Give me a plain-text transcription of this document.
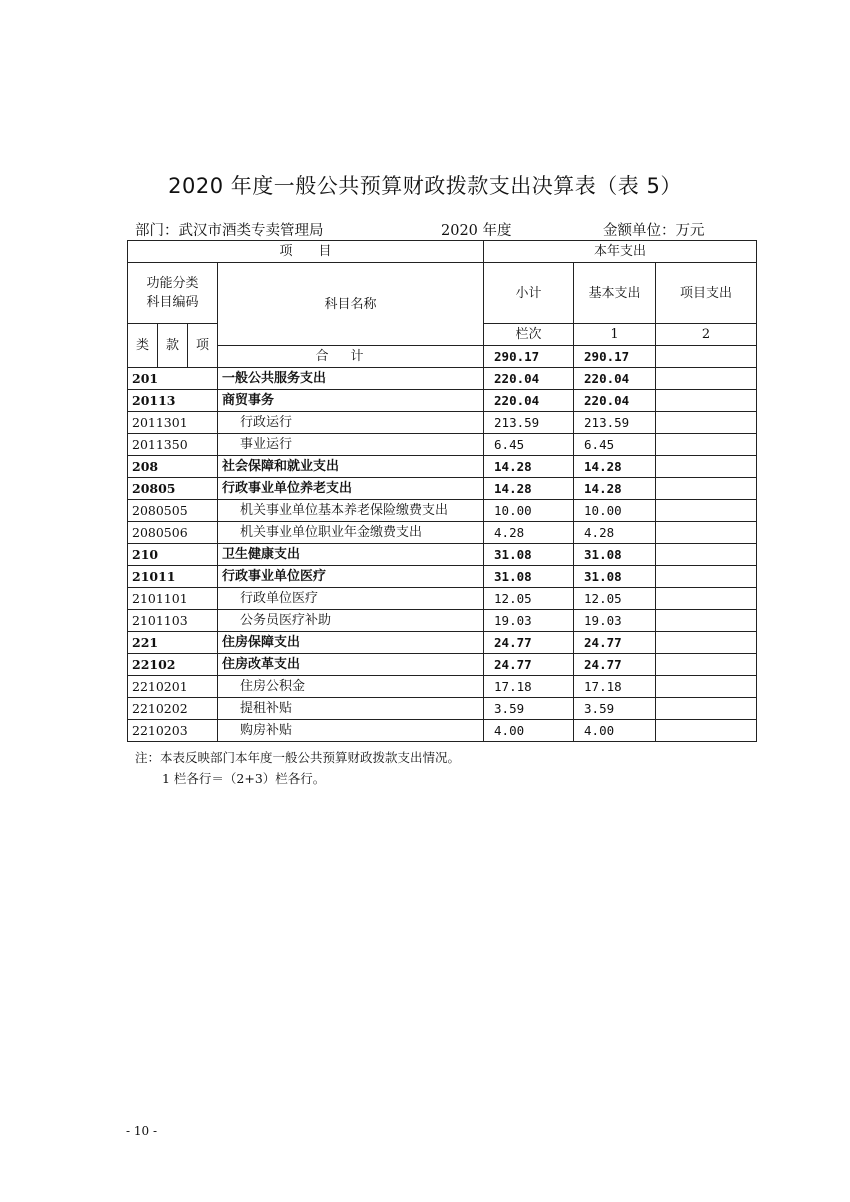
2020 年度一般公共预算财政拨款支出决算表（表 5）
部门：武汉市酒类专卖管理局	2020 年度	金额单位：万元
项　　目				本年支出			
功能分类
科目编码			科目名称	小计	基本支出	项目支出	
类	款	项		栏次	1	2	
			合计	290.17	290.17		
201			一般公共服务支出	220.04	220.04		
20113			商贸事务	220.04	220.04		
2011301			行政运行	213.59	213.59		
2011350			事业运行	6.45	6.45		
208			社会保障和就业支出	14.28	14.28		
20805			行政事业单位养老支出	14.28	14.28		
2080505			机关事业单位基本养老保险缴费支出	10.00	10.00		
2080506			机关事业单位职业年金缴费支出	4.28	4.28		
210			卫生健康支出	31.08	31.08		
21011			行政事业单位医疗	31.08	31.08		
2101101			行政单位医疗	12.05	12.05		
2101103			公务员医疗补助	19.03	19.03		
221			住房保障支出	24.77	24.77		
22102			住房改革支出	24.77	24.77		
2210201			住房公积金	17.18	17.18		
2210202			提租补贴	3.59	3.59		
2210203			购房补贴	4.00	4.00		
注：本表反映部门本年度一般公共预算财政拨款支出情况。
1 栏各行＝（2+3）栏各行。
- 10 -
